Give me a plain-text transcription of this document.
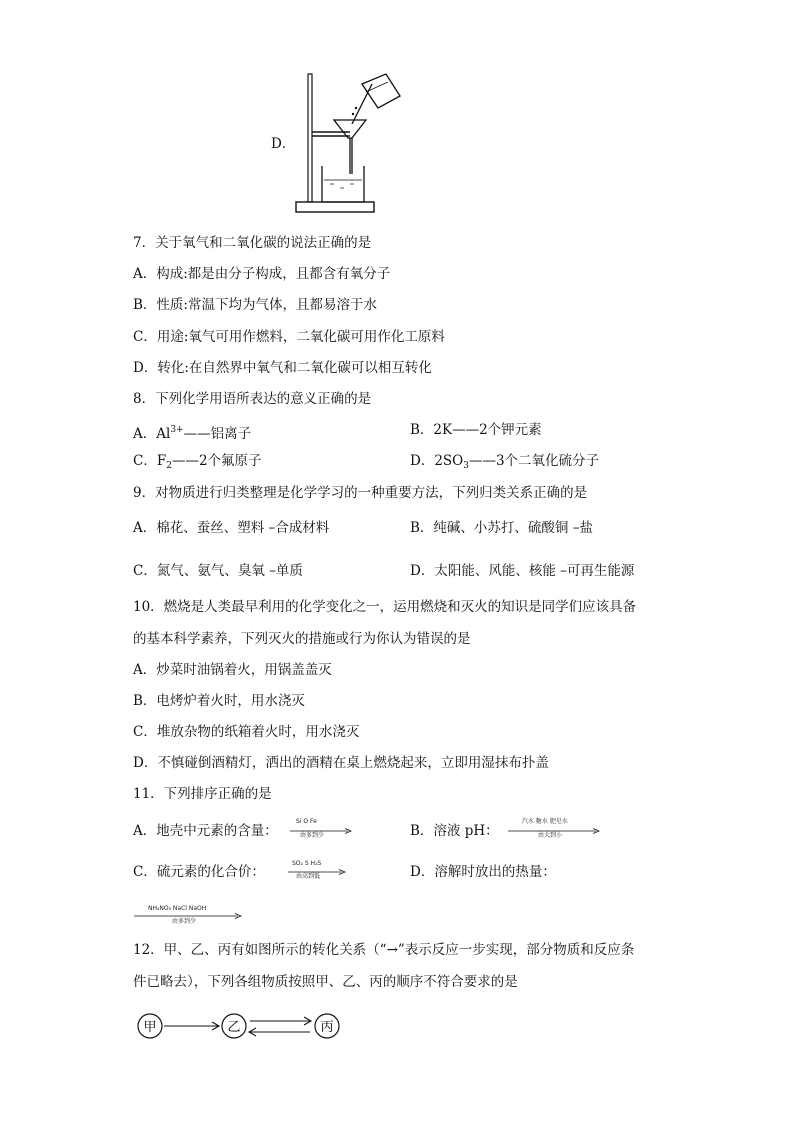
D．
7．关于氧气和二氧化碳的说法正确的是
A．构成:都是由分子构成，且都含有氧分子
B．性质:常温下均为气体，且都易溶于水
C．用途:氧气可用作燃料，二氧化碳可用作化工原料
D．转化:在自然界中氧气和二氧化碳可以相互转化
8．下列化学用语所表达的意义正确的是
A．$Al^{3+}——$铝离子	B．2K——2个钾元素
C．$F_2——2$个氟原子	D．$2SO_3——3$个二氧化硫分子
9．对物质进行归类整理是化学学习的一种重要方法，下列归类关系正确的是
A．棉花、蚕丝、塑料 –合成材料	B．纯碱、小苏打、硫酸铜 –盐
C．氮气、氨气、臭氧 –单质	D．太阳能、风能、核能 –可再生能源
10．燃烧是人类最早利用的化学变化之一，运用燃烧和灭火的知识是同学们应该具备
的基本科学素养，下列灭火的措施或行为你认为错误的是
A．炒菜时油锅着火，用锅盖盖灭
B．电烤炉着火时，用水浇灭
C．堆放杂物的纸箱着火时，用水浇灭
D．不慎碰倒酒精灯，洒出的酒精在桌上燃烧起来，立即用湿抹布扑盖
11．下列排序正确的是
A．地壳中元素的含量：
Si O Fe
由多到少	B．溶液 pH：
汽水 糖水 肥皂水
由大到小
C．硫元素的化合价：
SO₂ S H₂S
由高到低	D．溶解时放出的热量：
NH₄NO₃ NaCl NaOH
由多到少
12．甲、乙、丙有如图所示的转化关系（“→”表示反应一步实现，部分物质和反应条
件已略去），下列各组物质按照甲、乙、丙的顺序不符合要求的是
甲	乙	丙
